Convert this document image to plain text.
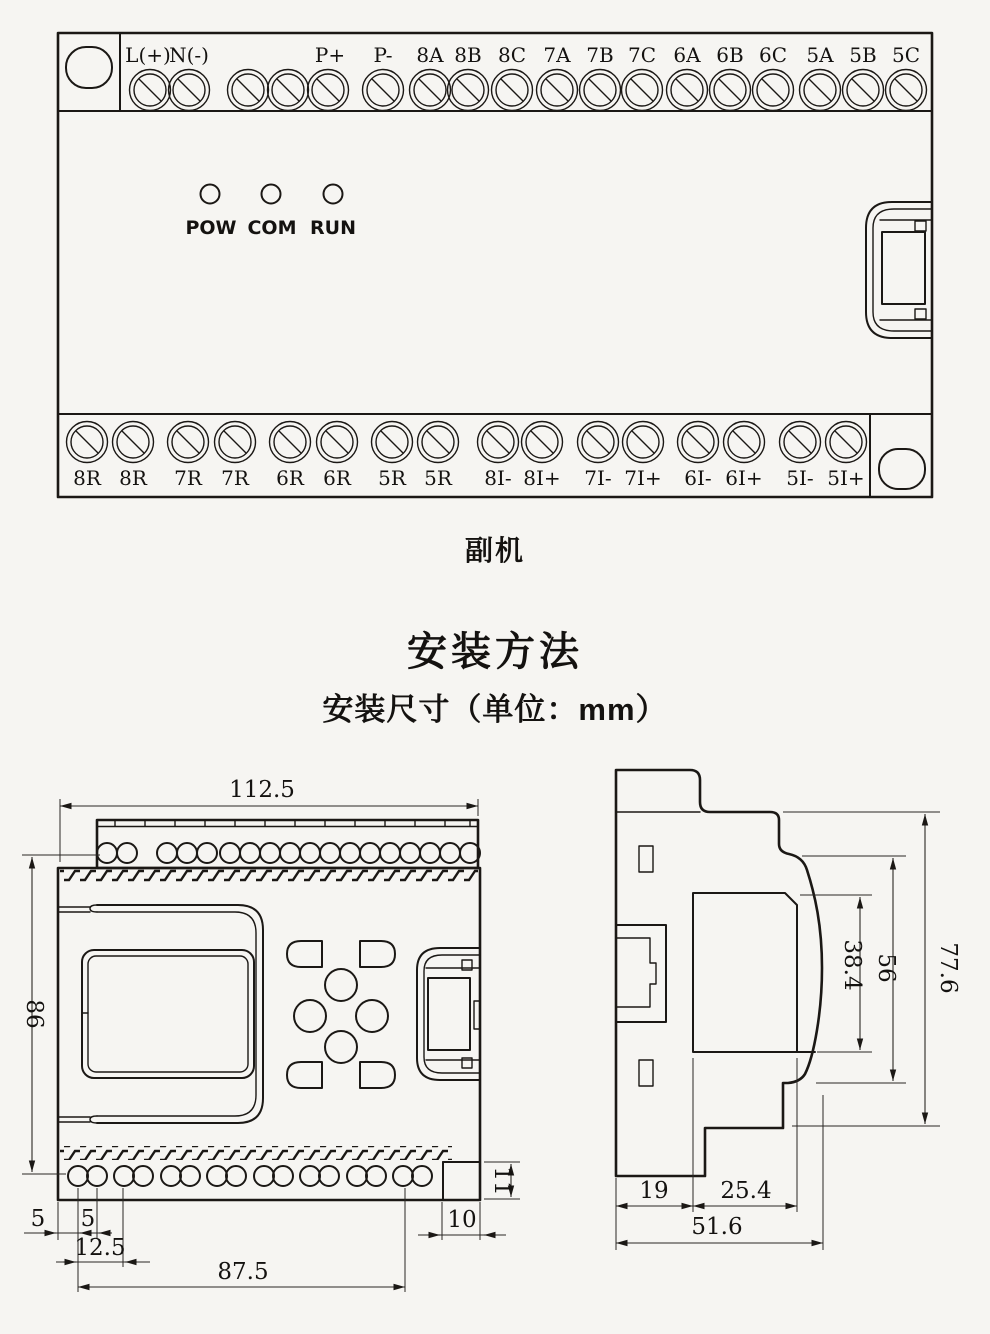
L(+)
N(-)	P+ P- 8A 8B 8C 7A 7B 7C 6A 6B 6C 5A 5B 5C
POW COM RUN
8R 8R 7R 7R 6R 6R 5R 5R 8I- 8I+ 7I- 7I+ 6I- 6I+ 5I- 5I+
副机
安装方法
安装尺寸（单位：mm）
112.5
86
5 5
12.5
87.5
10
11
77.6
56
38.4
19 25.4
51.6
